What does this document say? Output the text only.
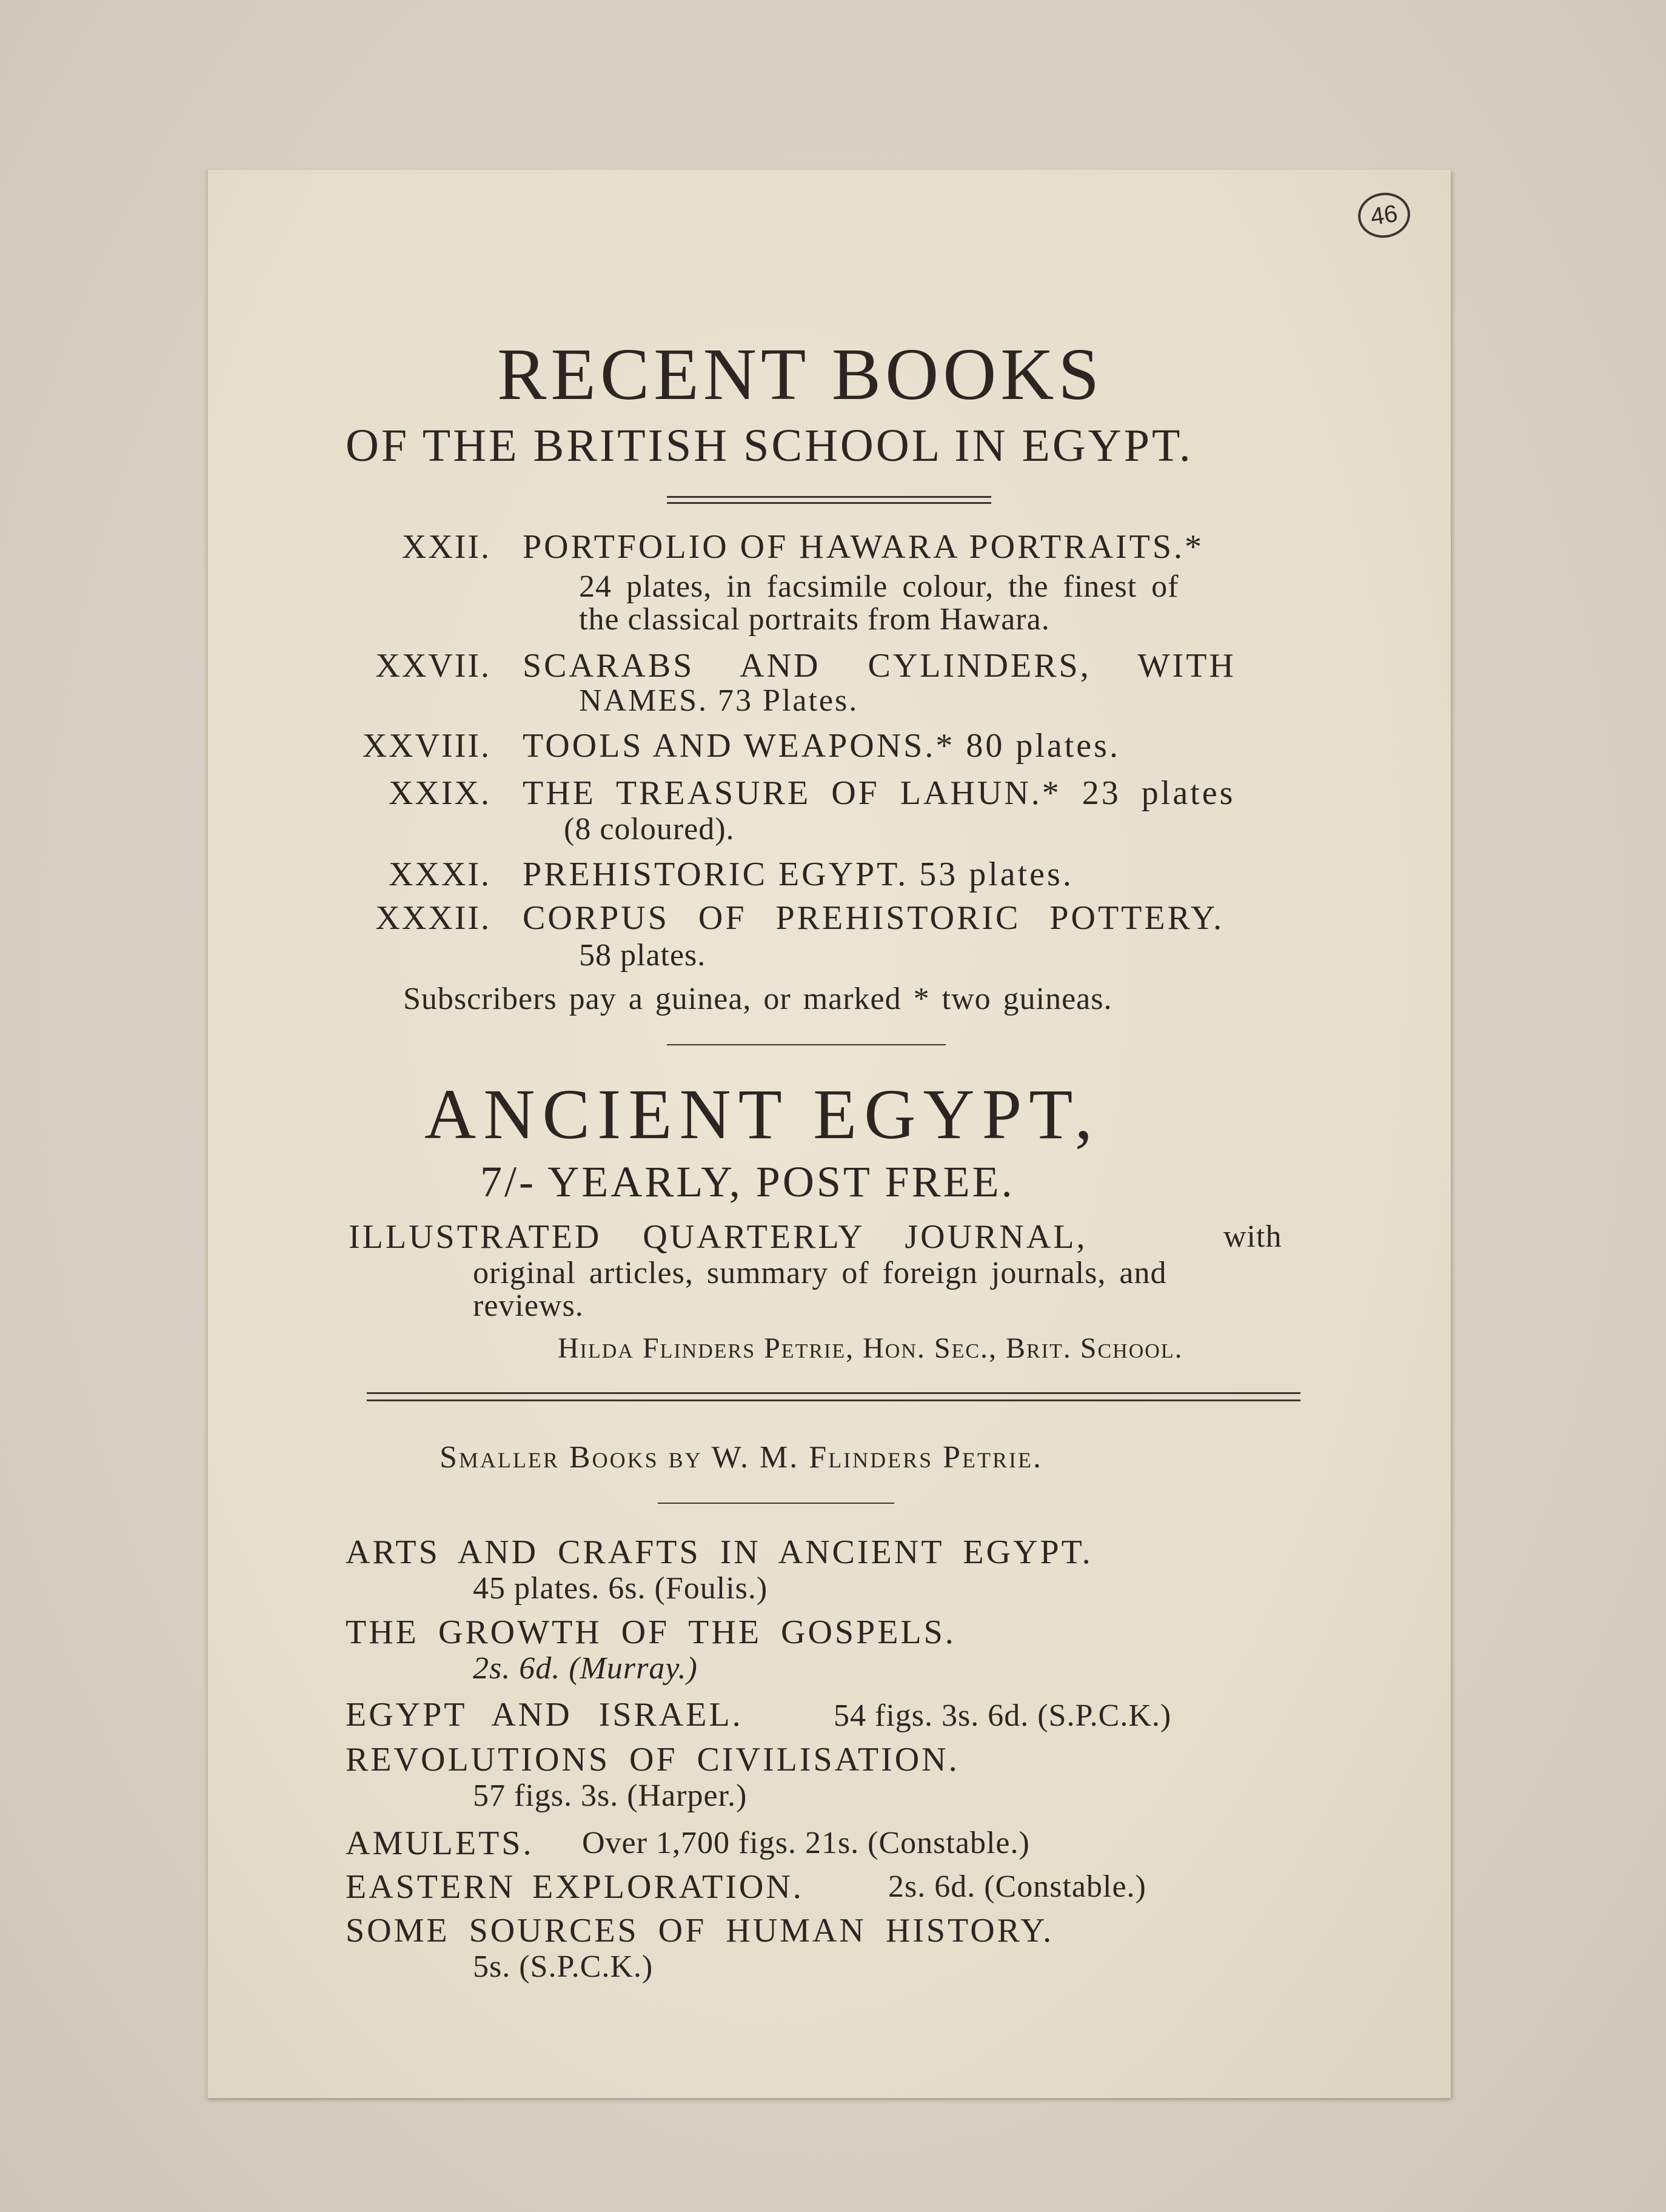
46
RECENT BOOKS
OF THE BRITISH SCHOOL IN EGYPT.
XXII. PORTFOLIO OF HAWARA PORTRAITS.*
24 plates, in facsimile colour, the finest of
the classical portraits from Hawara.
XXVII. SCARABS AND CYLINDERS, WITH
NAMES. 73 Plates.
XXVIII. TOOLS AND WEAPONS.* 80 plates.
XXIX. THE TREASURE OF LAHUN.* 23 plates
(8 coloured).
XXXI. PREHISTORIC EGYPT. 53 plates.
XXXII. CORPUS OF PREHISTORIC POTTERY.
58 plates.
Subscribers pay a guinea, or marked * two guineas.
ANCIENT EGYPT,
7/- YEARLY, POST FREE.
ILLUSTRATED QUARTERLY JOURNAL,	with
original articles, summary of foreign journals, and
reviews.
Hilda Flinders Petrie, Hon. Sec., Brit. School.
Smaller Books by W. M. Flinders Petrie.
ARTS AND CRAFTS IN ANCIENT EGYPT.
45 plates. 6s. (Foulis.)
THE GROWTH OF THE GOSPELS.
2s. 6d. (Murray.)
EGYPT AND ISRAEL.	54 figs. 3s. 6d. (S.P.C.K.)
REVOLUTIONS OF CIVILISATION.
57 figs. 3s. (Harper.)
AMULETS. Over 1,700 figs. 21s. (Constable.)
EASTERN EXPLORATION.	2s. 6d. (Constable.)
SOME SOURCES OF HUMAN HISTORY.
5s. (S.P.C.K.)
